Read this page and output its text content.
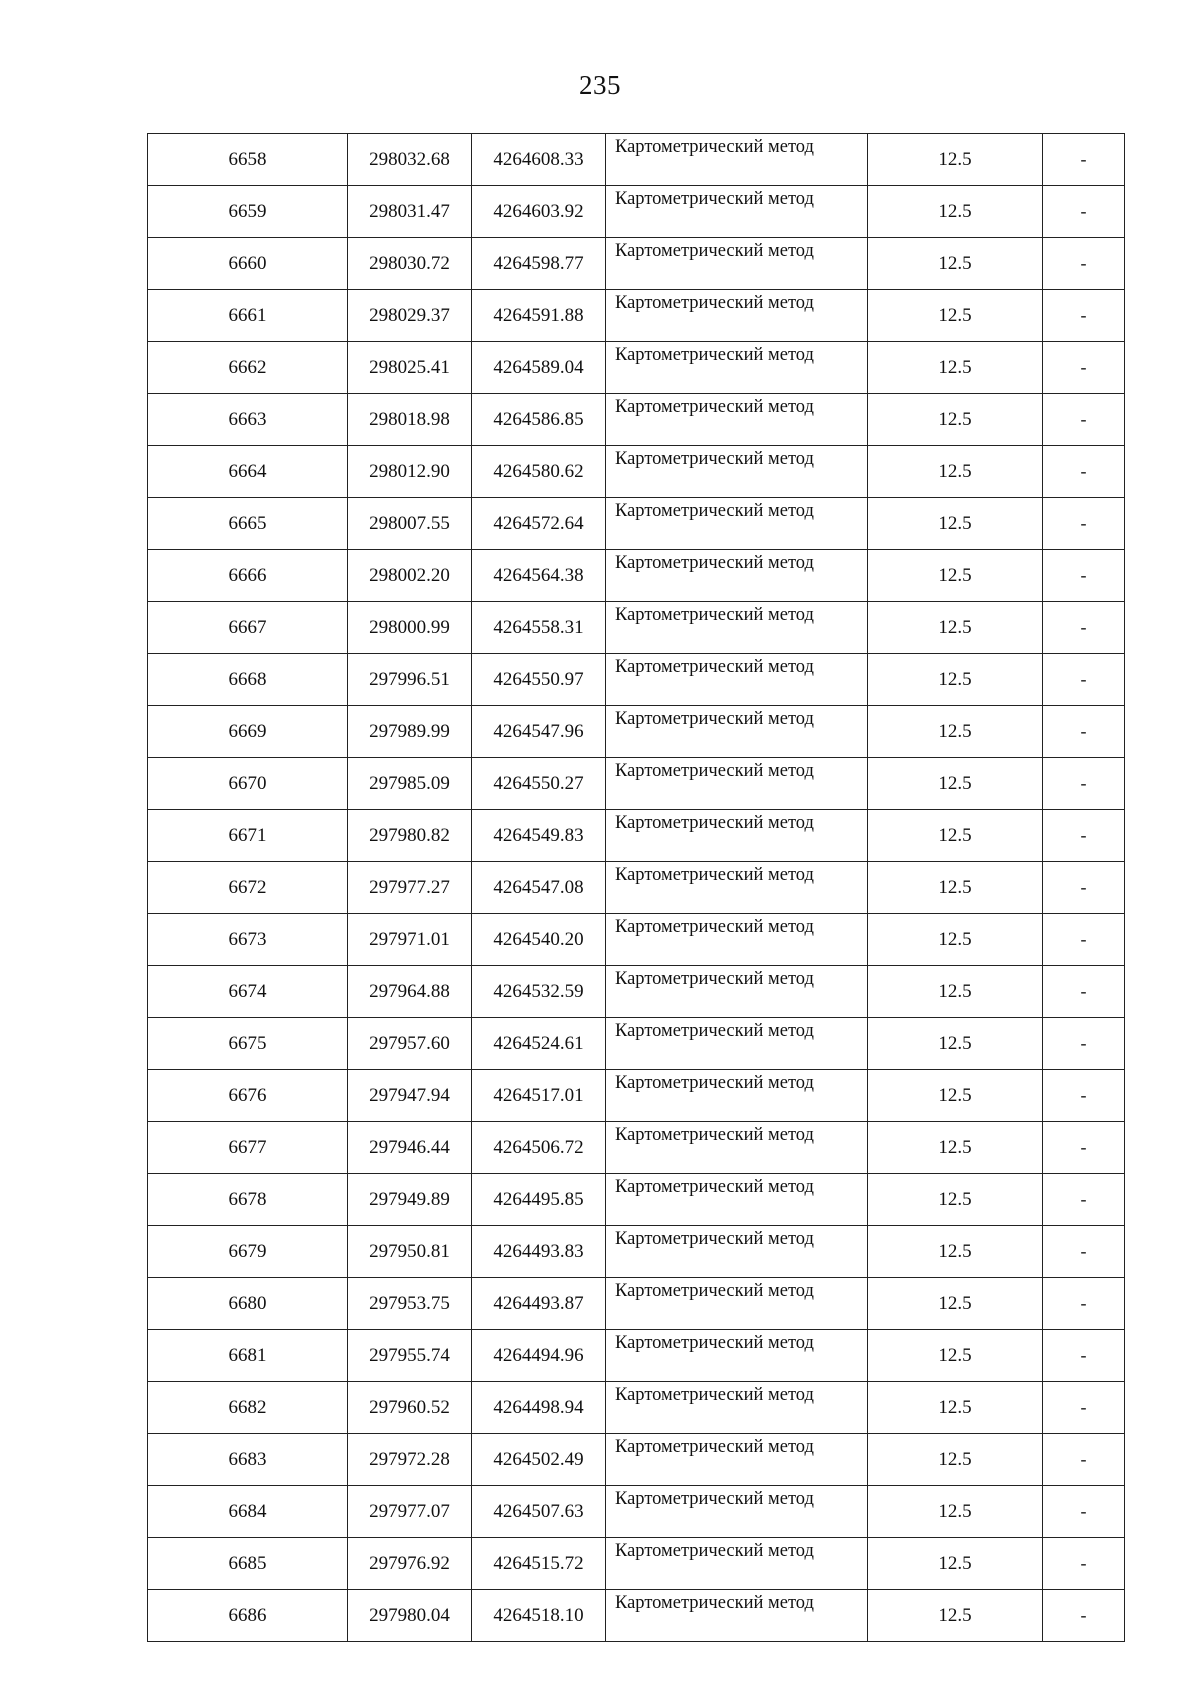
235
6658	298032.68	4264608.33	Картометрический метод	12.5	-
6659	298031.47	4264603.92	Картометрический метод	12.5	-
6660	298030.72	4264598.77	Картометрический метод	12.5	-
6661	298029.37	4264591.88	Картометрический метод	12.5	-
6662	298025.41	4264589.04	Картометрический метод	12.5	-
6663	298018.98	4264586.85	Картометрический метод	12.5	-
6664	298012.90	4264580.62	Картометрический метод	12.5	-
6665	298007.55	4264572.64	Картометрический метод	12.5	-
6666	298002.20	4264564.38	Картометрический метод	12.5	-
6667	298000.99	4264558.31	Картометрический метод	12.5	-
6668	297996.51	4264550.97	Картометрический метод	12.5	-
6669	297989.99	4264547.96	Картометрический метод	12.5	-
6670	297985.09	4264550.27	Картометрический метод	12.5	-
6671	297980.82	4264549.83	Картометрический метод	12.5	-
6672	297977.27	4264547.08	Картометрический метод	12.5	-
6673	297971.01	4264540.20	Картометрический метод	12.5	-
6674	297964.88	4264532.59	Картометрический метод	12.5	-
6675	297957.60	4264524.61	Картометрический метод	12.5	-
6676	297947.94	4264517.01	Картометрический метод	12.5	-
6677	297946.44	4264506.72	Картометрический метод	12.5	-
6678	297949.89	4264495.85	Картометрический метод	12.5	-
6679	297950.81	4264493.83	Картометрический метод	12.5	-
6680	297953.75	4264493.87	Картометрический метод	12.5	-
6681	297955.74	4264494.96	Картометрический метод	12.5	-
6682	297960.52	4264498.94	Картометрический метод	12.5	-
6683	297972.28	4264502.49	Картометрический метод	12.5	-
6684	297977.07	4264507.63	Картометрический метод	12.5	-
6685	297976.92	4264515.72	Картометрический метод	12.5	-
6686	297980.04	4264518.10	Картометрический метод	12.5	-
